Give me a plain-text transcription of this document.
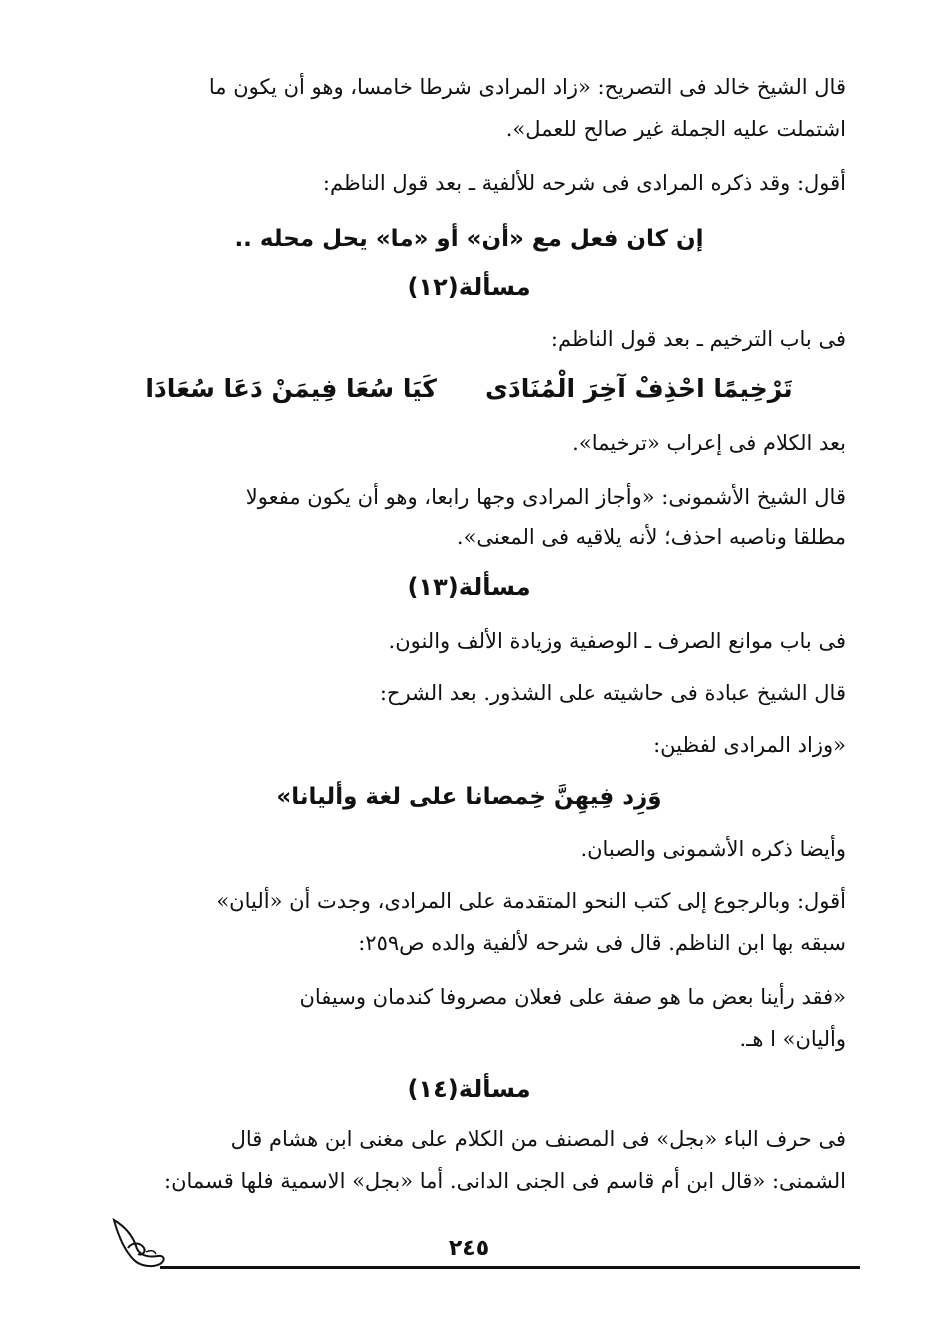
قال الشيخ خالد فى التصريح: «زاد المرادى شرطا خامسا، وهو أن يكون ما
اشتملت عليه الجملة غير صالح للعمل».
أقول: وقد ذكره المرادى فى شرحه للألفية ـ بعد قول الناظم:
إن كان فعل مع «أن» أو «ما» يحل محله ..
مسألة(١٢)
فى باب الترخيم ـ بعد قول الناظم:
تَرْخِيمًا احْذِفْ آخِرَ الْمُنَادَىكَيَا سُعَا فِيمَنْ دَعَا سُعَادَا
بعد الكلام فى إعراب «ترخيما».
قال الشيخ الأشمونى: «وأجاز المرادى وجها رابعا، وهو أن يكون مفعولا
مطلقا وناصبه احذف؛ لأنه يلاقيه فى المعنى».
مسألة(١٣)
فى باب موانع الصرف ـ الوصفية وزيادة الألف والنون.
قال الشيخ عبادة فى حاشيته على الشذور. بعد الشرح:
«وزاد المرادى لفظين:
وَزِد فِيهِنَّ خِمصانا على لغة وأليانا»
وأيضا ذكره الأشمونى والصبان.
أقول: وبالرجوع إلى كتب النحو المتقدمة على المرادى، وجدت أن «أليان»
سبقه بها ابن الناظم. قال فى شرحه لألفية والده ص٢٥٩:
«فقد رأينا بعض ما هو صفة على فعلان مصروفا كندمان وسيفان
وأليان» ا هـ.
مسألة(١٤)
فى حرف الباء «بجل» فى المصنف من الكلام على مغنى ابن هشام قال
الشمنى: «قال ابن أم قاسم فى الجنى الدانى. أما «بجل» الاسمية فلها قسمان:
٢٤٥
